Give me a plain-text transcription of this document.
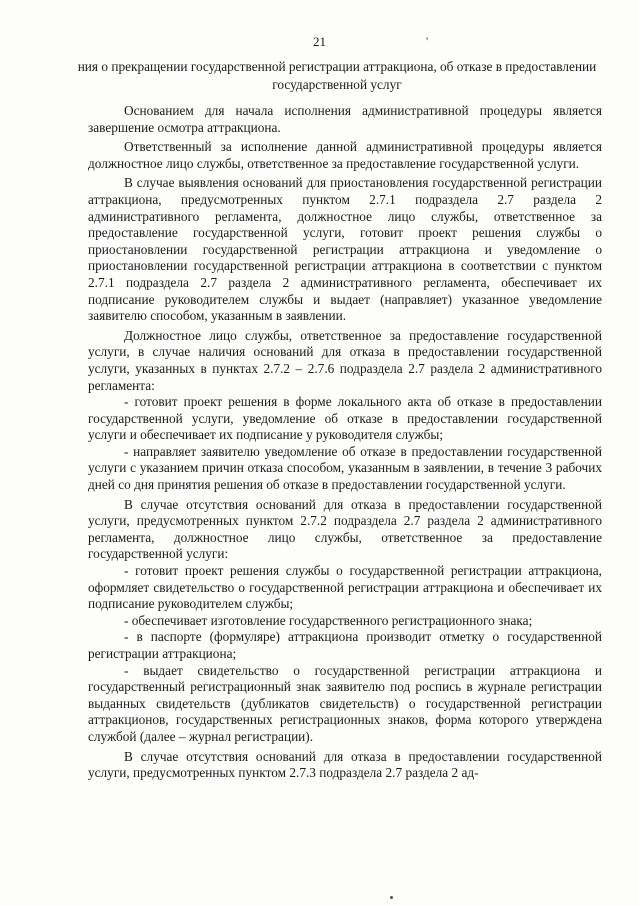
21	'
ния о прекращении государственной регистрации аттракциона, об отказе в предоставлении государственной услуг

Основанием для начала исполнения административной процедуры является завершение осмотра аттракциона.

Ответственный за исполнение данной административной процедуры является должностное лицо службы, ответственное за предоставление государственной услуги.

В случае выявления оснований для приостановления государственной регистрации аттракциона, предусмотренных пунктом 2.7.1 подраздела 2.7 раздела 2 административного регламента, должностное лицо службы, ответственное за предоставление государственной услуги, готовит проект решения службы о приостановлении государственной регистрации аттракциона и уведомление о приостановлении государственной регистрации аттракциона в соответствии с пунктом 2.7.1 подраздела 2.7 раздела 2 административного регламента, обеспечивает их подписание руководителем службы и выдает (направляет) указанное уведомление заявителю способом, указанным в заявлении.

Должностное лицо службы, ответственное за предоставление государственной услуги, в случае наличия оснований для отказа в предоставлении государственной услуги, указанных в пунктах 2.7.2 – 2.7.6 подраздела 2.7 раздела 2 административного регламента:

- готовит проект решения в форме локального акта об отказе в предоставлении государственной услуги, уведомление об отказе в предоставлении государственной услуги и обеспечивает их подписание у руководителя службы;

- направляет заявителю уведомление об отказе в предоставлении государственной услуги с указанием причин отказа способом, указанным в заявлении, в течение 3 рабочих дней со дня принятия решения об отказе в предоставлении государственной услуги.

В случае отсутствия оснований для отказа в предоставлении государственной услуги, предусмотренных пунктом 2.7.2 подраздела 2.7 раздела 2 административного регламента, должностное лицо службы, ответственное за предоставление государственной услуги:

- готовит проект решения службы о государственной регистрации аттракциона, оформляет свидетельство о государственной регистрации аттракциона и обеспечивает их подписание руководителем службы;

- обеспечивает изготовление государственного регистрационного знака;

- в паспорте (формуляре) аттракциона производит отметку о государственной регистрации аттракциона;

- выдает свидетельство о государственной регистрации аттракциона и государственный регистрационный знак заявителю под роспись в журнале регистрации выданных свидетельств (дубликатов свидетельств) о государственной регистрации аттракционов, государственных регистрационных знаков, форма которого утверждена службой (далее – журнал регистрации).

В случае отсутствия оснований для отказа в предоставлении государственной услуги, предусмотренных пунктом 2.7.3 подраздела 2.7 раздела 2 ад-
